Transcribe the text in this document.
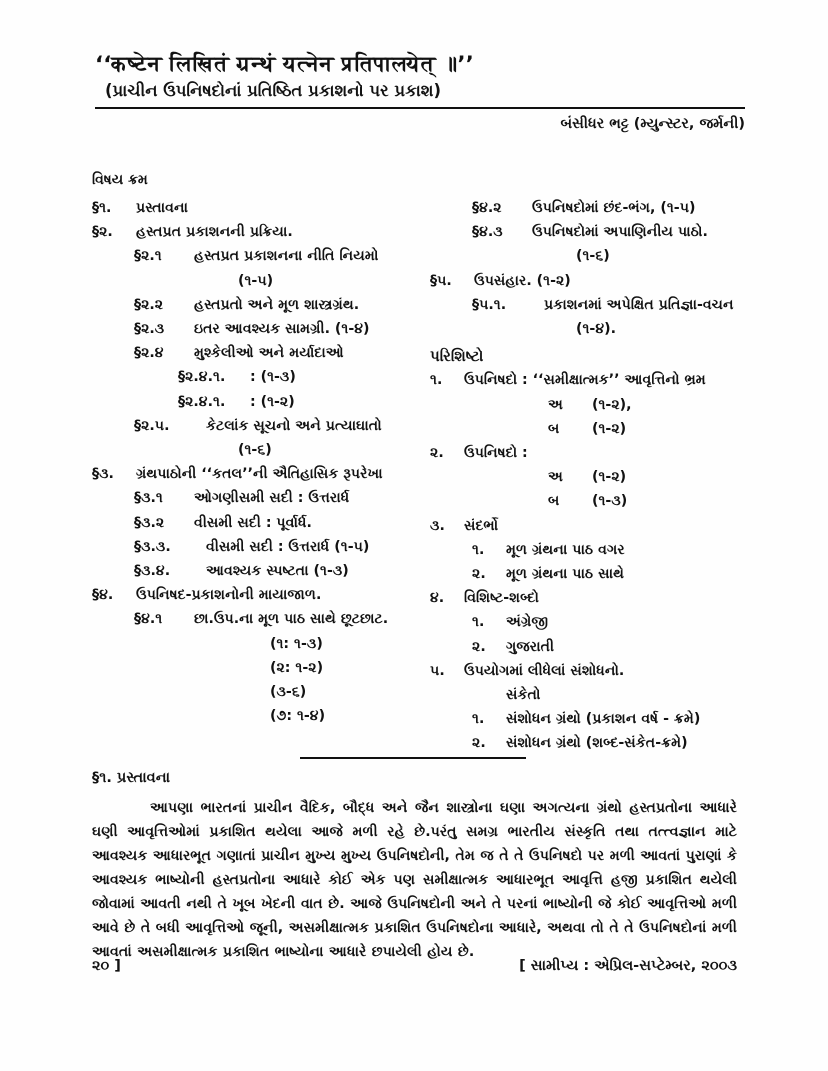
‘‘कष्टेन लिखितं ग्रन्थं यत्नेन प्रतिपालयेत् ॥’’
(પ્રાચીન ઉપનિષદોનાં પ્રતિષ્ઠિત પ્રકાશનો પર પ્રકાશ)
બંસીધર ભટ્ટ (મ્યુન્સ્ટર, જર્મની)
વિષય ક્રમ
§૧.	પ્રસ્તાવના
§૨.	હસ્તપ્રત પ્રકાશનની પ્રક્રિયા.
§૨.૧	હસ્તપ્રત પ્રકાશનના નીતિ નિયમો
(૧-૫)
§૨.૨	હસ્તપ્રતો અને મૂળ શાસ્ત્રગ્રંથ.
§૨.૩	ઇતર આવશ્યક સામગ્રી. (૧-૪)
§૨.૪	મુશ્કેલીઓ અને મર્યાદાઓ
§૨.૪.૧.	: (૧-૩)
§૨.૪.૧.	: (૧-૨)
§૨.૫.	કેટલાંક સૂચનો અને પ્રત્યાઘાતો
(૧-૬)
§૩.	ગ્રંથપાઠોની ‘‘કતલ’’ની ઐતિહાસિક રૂપરેખા
§૩.૧	ઓગણીસમી સદી : ઉત્તરાર્ધ
§૩.૨	વીસમી સદી : પૂર્વાર્ધ.
§૩.૩.	વીસમી સદી : ઉત્તરાર્ધ (૧-૫)
§૩.૪.	આવશ્યક સ્પષ્ટતા (૧-૩)
§૪.	ઉપનિષદ-પ્રકાશનોની માયાજાળ.
§૪.૧	છા.ઉપ.ના મૂળ પાઠ સાથે છૂટછાટ.
(૧: ૧-૩)
(૨: ૧-૨)
(૩-૬)
(૭: ૧-૪)
§૪.૨	ઉપનિષદોમાં છંદ-ભંગ, (૧-૫)
§૪.૩	ઉપનિષદોમાં અપાણિનીય પાઠો.
(૧-૬)
§૫.	ઉપસંહાર. (૧-૨)
§૫.૧.	પ્રકાશનમાં અપેક્ષિત પ્રતિજ્ઞા-વચન
(૧-૪).
પરિશિષ્ટો
૧.	ઉપનિષદો : ‘‘સમીક્ષાત્મક’’ આવૃત્તિનો ભ્રમ
અ	(૧-૨),
બ	(૧-૨)
૨.	ઉપનિષદો :
અ	(૧-૨)
બ	(૧-૩)
૩.	સંદર્ભો
૧.	મૂળ ગ્રંથના પાઠ વગર
૨.	મૂળ ગ્રંથના પાઠ સાથે
૪.	વિશિષ્ટ-શબ્દો
૧.	અંગ્રેજી
૨.	ગુજરાતી
૫.	ઉપયોગમાં લીધેલાં સંશોધનો.
સંકેતો
૧.	સંશોધન ગ્રંથો (પ્રકાશન વર્ષ - ક્રમે)
૨.	સંશોધન ગ્રંથો (શબ્દ-સંકેત-ક્રમે)
§૧. પ્રસ્તાવના

આપણા ભારતનાં પ્રાચીન વૈદિક, બૌદ્ધ અને જૈન શાસ્ત્રોના ઘણા અગત્યના ગ્રંથો હસ્તપ્રતોના આધારે ઘણી આવૃત્તિઓમાં પ્રકાશિત થયેલા આજે મળી રહે છે.પરંતુ સમગ્ર ભારતીય સંસ્કૃતિ તથા તત્ત્વજ્ઞાન માટે આવશ્યક આધારભૂત ગણાતાં પ્રાચીન મુખ્ય મુખ્ય ઉપનિષદોની, તેમ જ તે તે ઉપનિષદો પર મળી આવતાં પુરાણાં કે આવશ્યક ભાષ્યોની હસ્તપ્રતોના આધારે કોઈ એક પણ સમીક્ષાત્મક આધારભૂત આવૃત્તિ હજી પ્રકાશિત થયેલી જોવામાં આવતી નથી તે ખૂબ ખેદની વાત છે. આજે ઉપનિષદોની અને તે પરનાં ભાષ્યોની જે કોઈ આવૃત્તિઓ મળી આવે છે તે બધી આવૃત્તિઓ જૂની, અસમીક્ષાત્મક પ્રકાશિત ઉપનિષદોના આધારે, અથવા તો તે તે ઉપનિષદોનાં મળી આવતાં અસમીક્ષાત્મક પ્રકાશિત ભાષ્યોના આધારે છપાયેલી હોય છે.

૨૦ ]	[ સામીપ્ય : એપ્રિલ-સપ્ટેમ્બર, ૨૦૦૩
